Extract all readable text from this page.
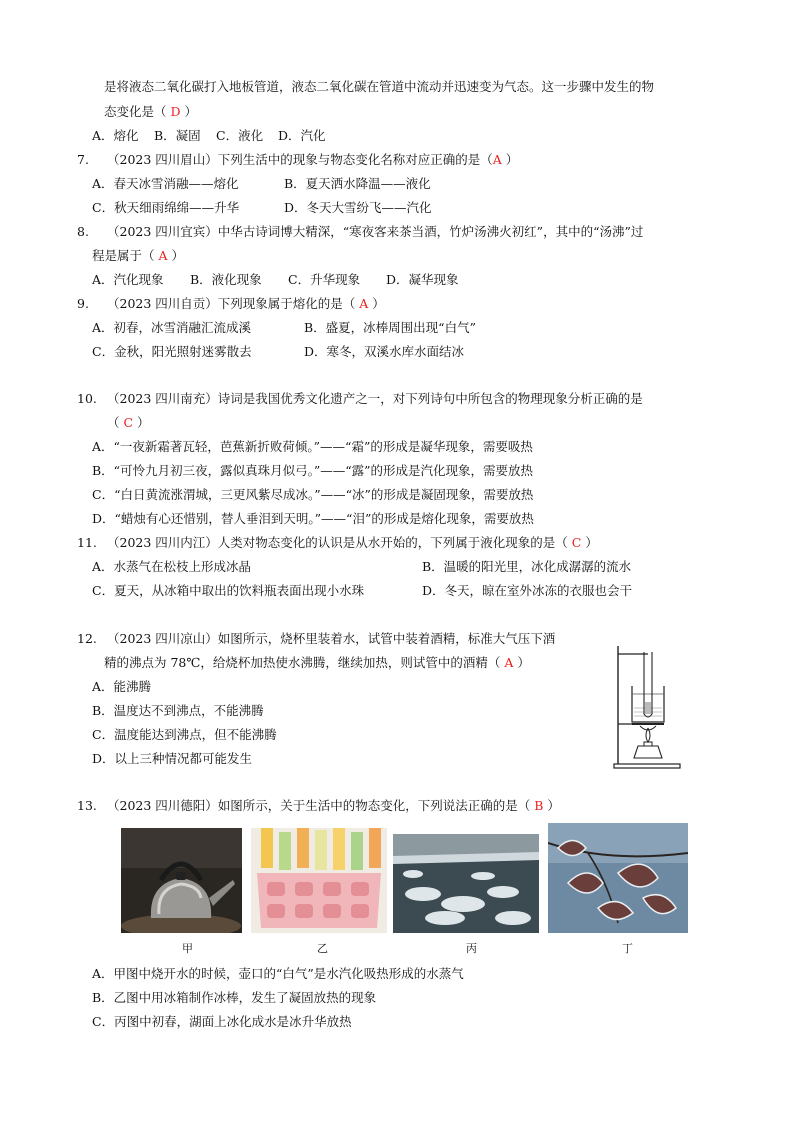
是将液态二氧化碳打入地板管道，液态二氧化碳在管道中流动并迅速变为气态。这一步骤中发生的物
态变化是（ D ）
A．熔化 B．凝固 C．液化 D．汽化
7. （2023 四川眉山）下列生活中的现象与物态变化名称对应正确的是（A ）
A．春天冰雪消融——熔化	B．夏天洒水降温——液化
C．秋天细雨绵绵——升华	D．冬天大雪纷飞——汽化
8. （2023 四川宜宾）中华古诗词博大精深，“寒夜客来茶当酒，竹炉汤沸火初红”，其中的“汤沸”过
程是属于（ A ）
A．汽化现象 B．液化现象 C．升华现象 D．凝华现象
9. （2023 四川自贡）下列现象属于熔化的是（ A ）
A．初春，冰雪消融汇流成溪	B．盛夏，冰棒周围出现“白气”
C．金秋，阳光照射迷雾散去	D．寒冬，双溪水库水面结冰
10. （2023 四川南充）诗词是我国优秀文化遗产之一，对下列诗句中所包含的物理现象分析正确的是
（ C ）
A．“一夜新霜著瓦轻，芭蕉新折败荷倾。”——“霜”的形成是凝华现象，需要吸热
B．“可怜九月初三夜，露似真珠月似弓。”——“露”的形成是汽化现象，需要放热
C．“白日黄流涨渭城，三更风紫尽成冰。”——“冰”的形成是凝固现象，需要放热
D．“蜡烛有心还惜别，替人垂泪到天明。”——“泪”的形成是熔化现象，需要放热
11. （2023 四川内江）人类对物态变化的认识是从水开始的，下列属于液化现象的是（ C ）
A．水蒸气在松枝上形成冰晶	B．温暖的阳光里，冰化成潺潺的流水
C．夏天，从冰箱中取出的饮料瓶表面出现小水珠	D．冬天，晾在室外冰冻的衣服也会干
12. （2023 四川凉山）如图所示，烧杯里装着水，试管中装着酒精，标准大气压下酒
精的沸点为 78℃，给烧杯加热使水沸腾，继续加热，则试管中的酒精（ A ）
A．能沸腾
B．温度达不到沸点，不能沸腾
C．温度能达到沸点，但不能沸腾
D．以上三种情况都可能发生
13. （2023 四川德阳）如图所示，关于生活中的物态变化，下列说法正确的是（ B ）
甲	乙	丙	丁
A．甲图中烧开水的时候，壶口的“白气”是水汽化吸热形成的水蒸气
B．乙图中用冰箱制作冰棒，发生了凝固放热的现象
C．丙图中初春，湖面上冰化成水是冰升华放热
